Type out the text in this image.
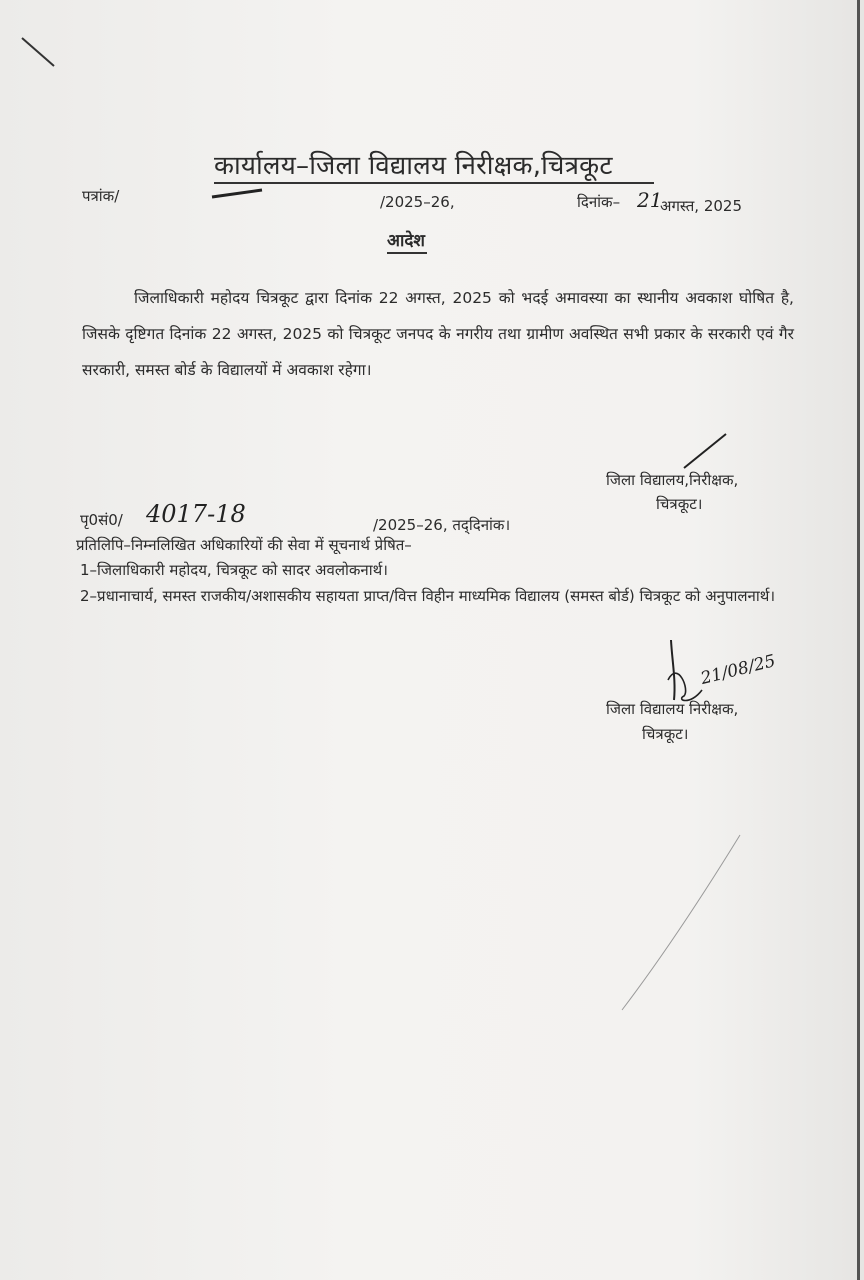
कार्यालय–जिला विद्यालय निरीक्षक,चित्रकूट
पत्रांक/	/2025–26,	दिनांक– 21
अगस्त, 2025
आदेश
जिलाधिकारी महोदय चित्रकूट द्वारा दिनांक 22 अगस्त, 2025 को भदई अमावस्या का स्थानीय अवकाश घोषित है, जिसके दृष्टिगत दिनांक 22 अगस्त, 2025 को चित्रकूट जनपद के नगरीय तथा ग्रामीण अवस्थित सभी प्रकार के सरकारी एवं गैर सरकारी, समस्त बोर्ड के विद्यालयों में अवकाश रहेगा।
जिला विद्यालय,निरीक्षक,
चित्रकूट।
पृ0सं0/ 4017-18	/2025–26, तद्‌दिनांक।
प्रतिलिपि–निम्नलिखित अधिकारियों की सेवा में सूचनार्थ प्रेषित–
1–जिलाधिकारी महोदय, चित्रकूट को सादर अवलोकनार्थ।
2–प्रधानाचार्य, समस्त राजकीय/अशासकीय सहायता प्राप्त/वित्त विहीन माध्यमिक विद्यालय (समस्त बोर्ड) चित्रकूट को अनुपालनार्थ।
21/08/25
जिला विद्यालय निरीक्षक,
चित्रकूट।
